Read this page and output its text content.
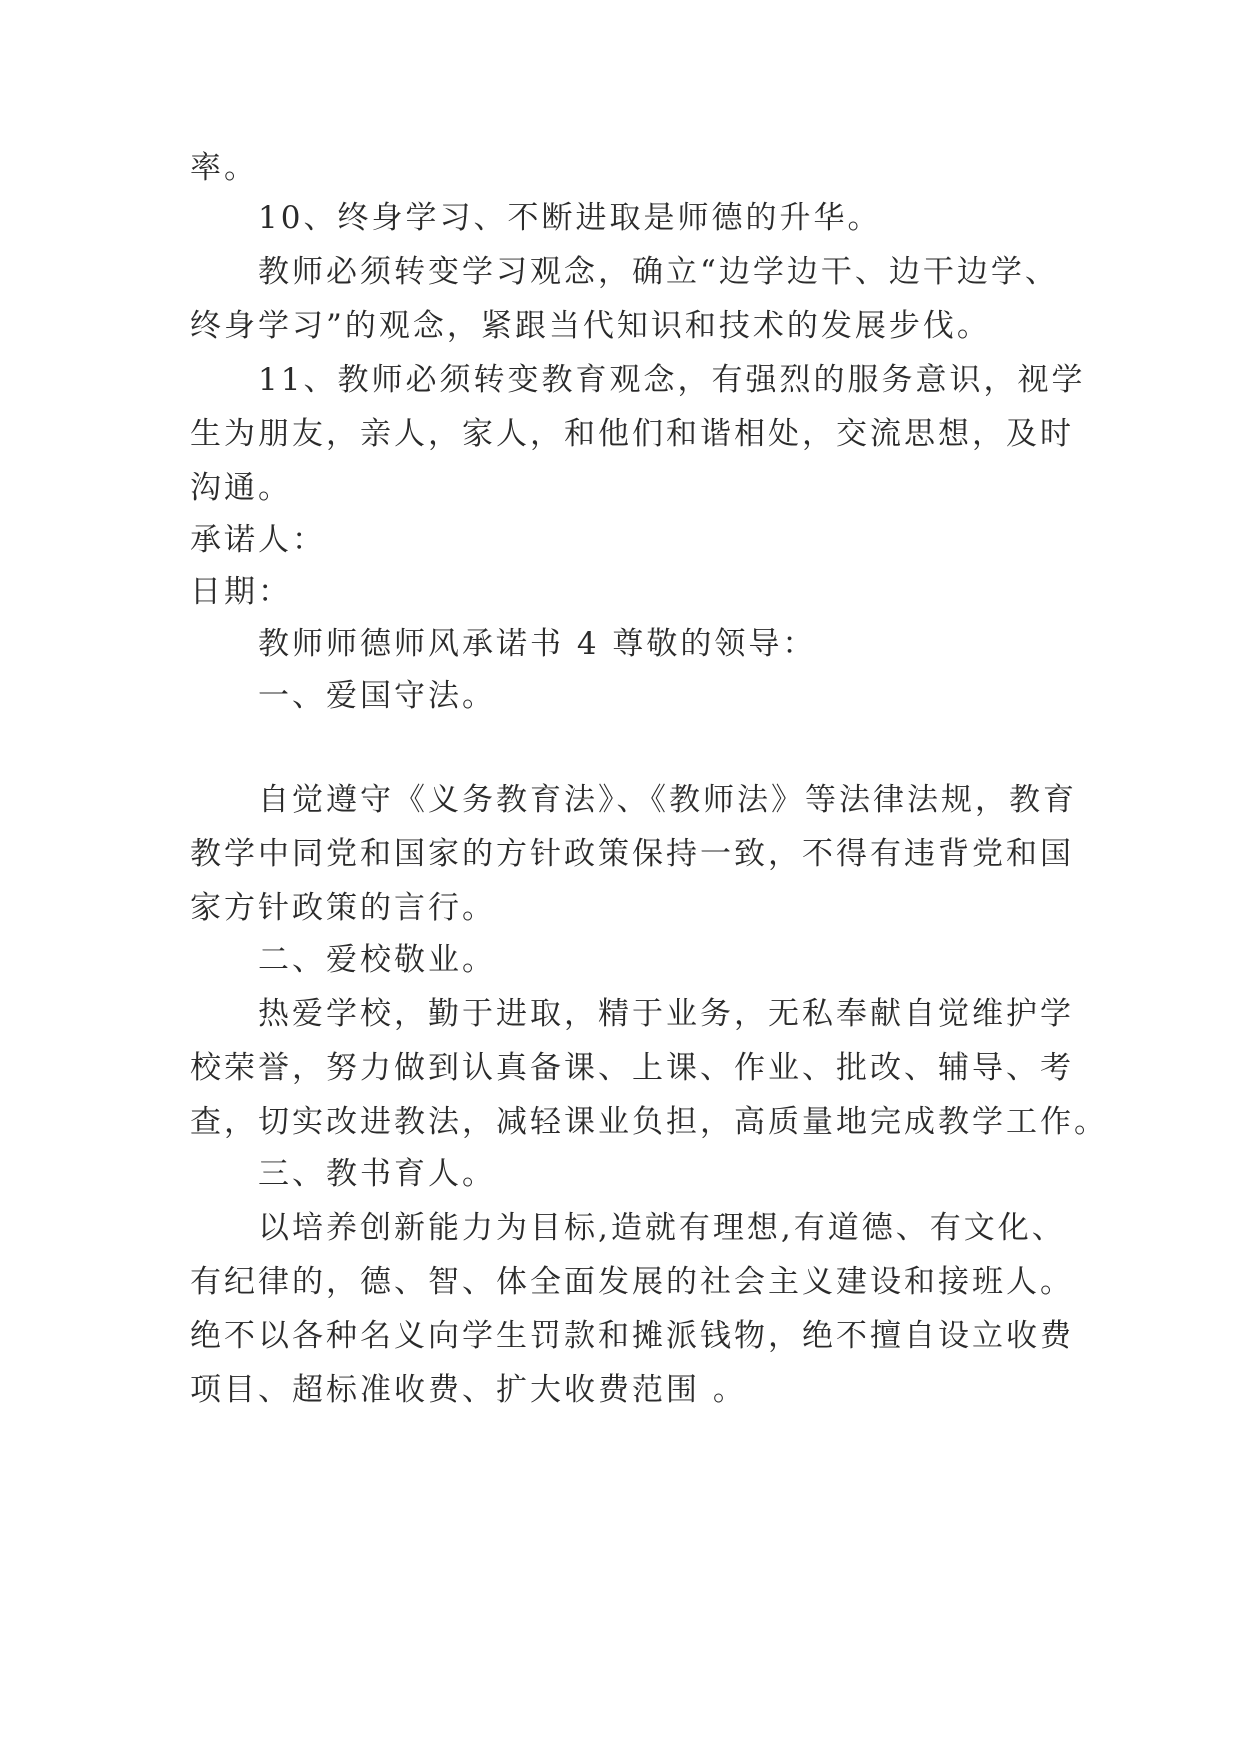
率。
10、终身学习、不断进取是师德的升华。
教师必须转变学习观念，确立“边学边干、边干边学、
终身学习”的观念，紧跟当代知识和技术的发展步伐。
11、教师必须转变教育观念，有强烈的服务意识，视学
生为朋友，亲人，家人，和他们和谐相处，交流思想，及时
沟通。
承诺人：
日期：
教师师德师风承诺书 4 尊敬的领导：
一、爱国守法。
自觉遵守《义务教育法》、《教师法》等法律法规，教育
教学中同党和国家的方针政策保持一致，不得有违背党和国
家方针政策的言行。
二、爱校敬业。
热爱学校，勤于进取，精于业务，无私奉献自觉维护学
校荣誉，努力做到认真备课、上课、作业、批改、辅导、考
查，切实改进教法，减轻课业负担，高质量地完成教学工作。
三、教书育人。
以培养创新能力为目标,造就有理想,有道德、有文化、
有纪律的，德、智、体全面发展的社会主义建设和接班人。
绝不以各种名义向学生罚款和摊派钱物，绝不擅自设立收费
项目、超标准收费、扩大收费范围 。
